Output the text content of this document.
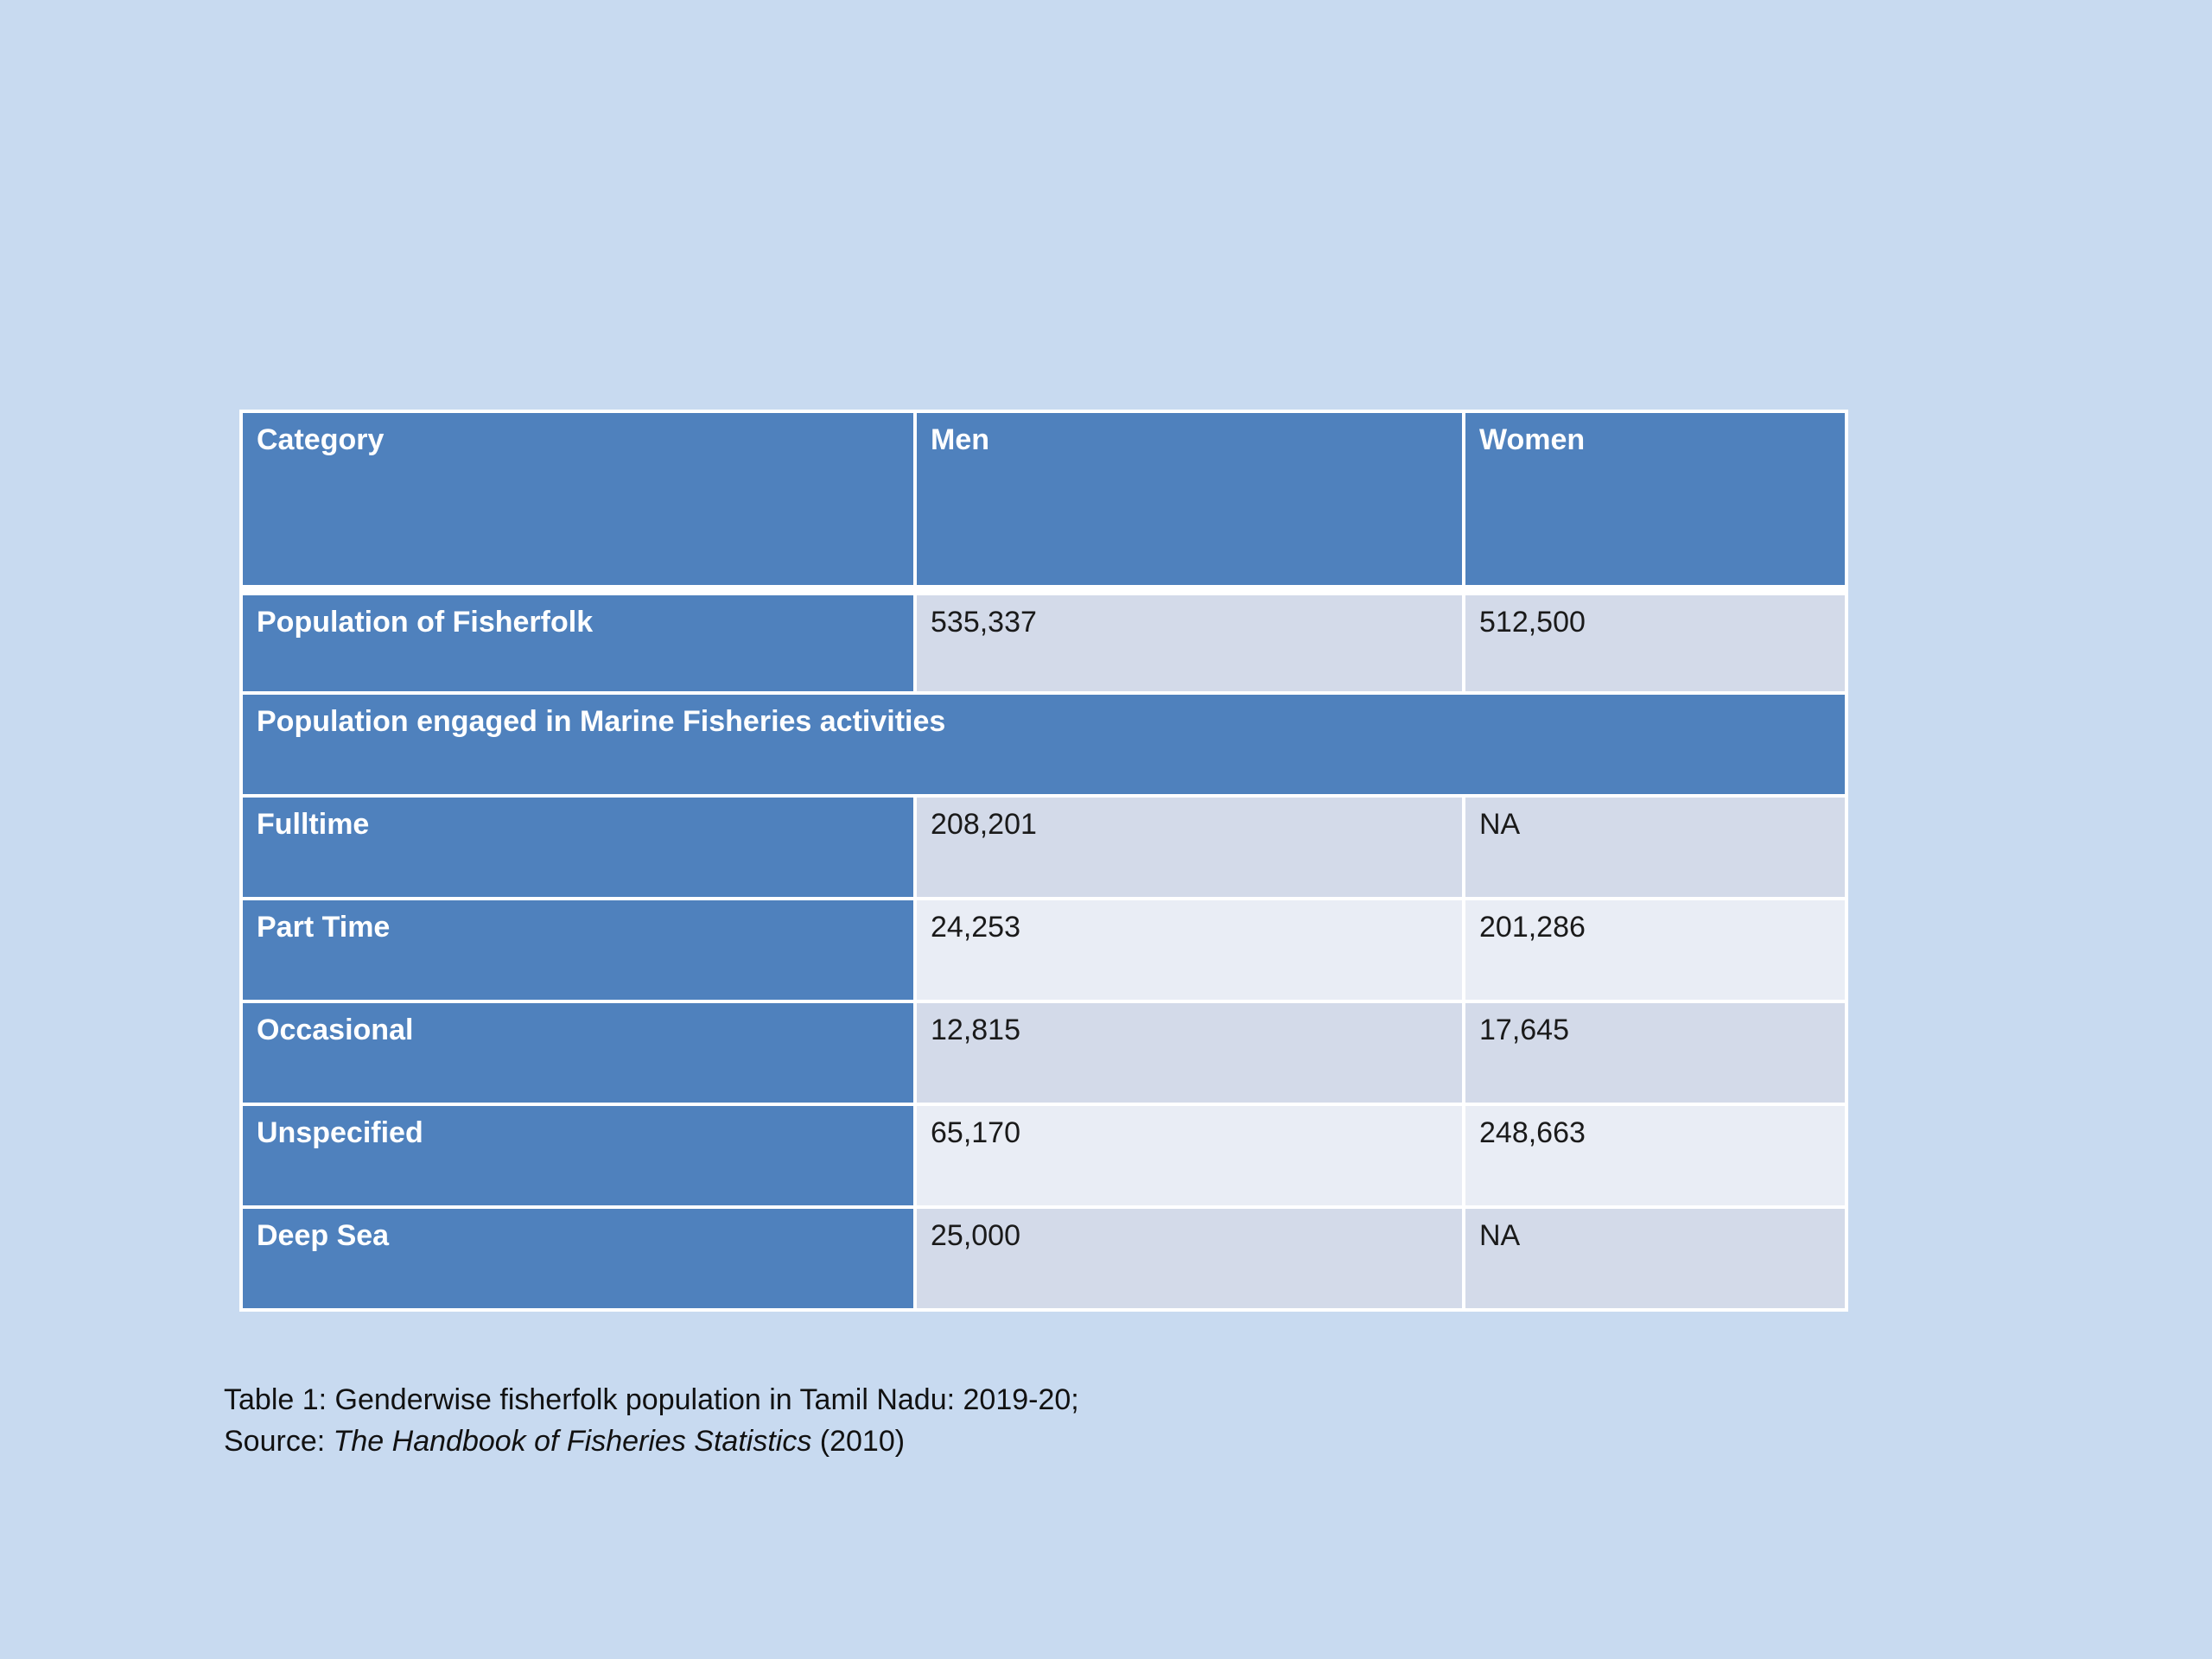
Category	Men	Women
Population of Fisherfolk	535,337	512,500
Population engaged in Marine Fisheries activities		
Fulltime	208,201	NA
Part Time	24,253	201,286
Occasional	12,815	17,645
Unspecified	65,170	248,663
Deep Sea	25,000	NA
Table 1: Genderwise fisherfolk population in Tamil Nadu: 2019-20;
Source: The Handbook of Fisheries Statistics (2010)
